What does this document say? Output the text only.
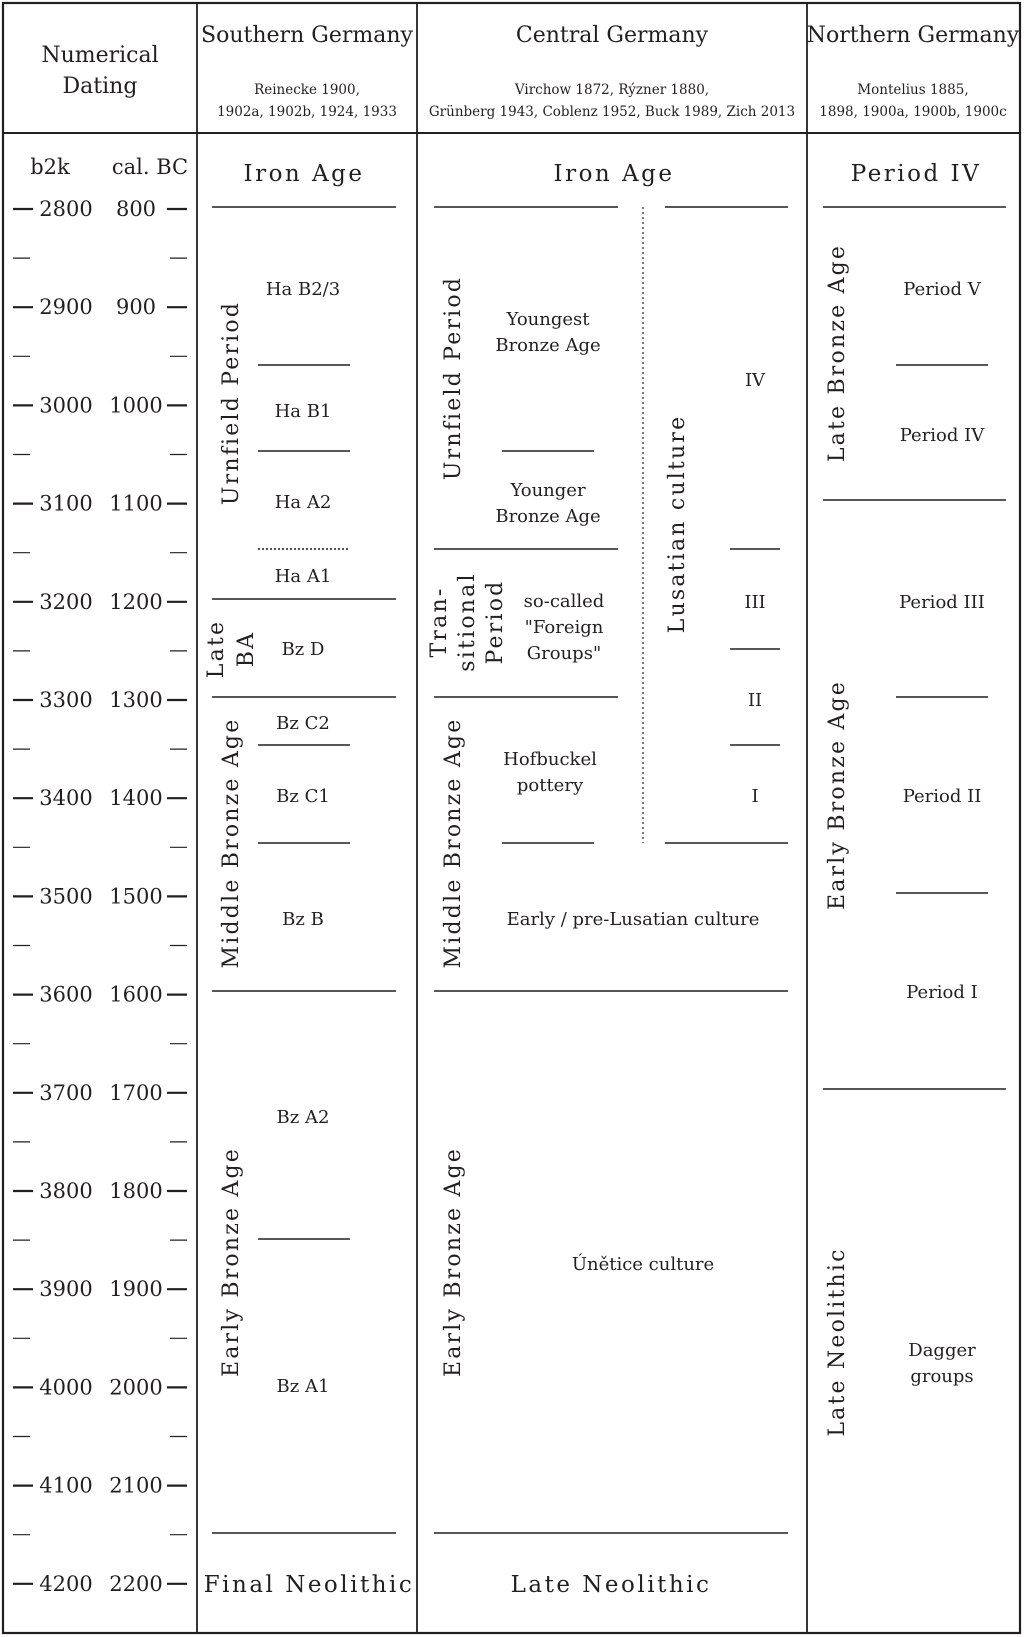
Numerical
Dating
Southern Germany
Reinecke 1900,
1902a, 1902b, 1924, 1933
Central Germany
Virchow 1872, Rýzner 1880,
Grünberg 1943, Coblenz 1952, Buck 1989, Zich 2013
Northern Germany
Montelius 1885,
1898, 1900a, 1900b, 1900c
b2k cal. BC
2800 800
2900 900
3000 1000
3100 1100
3200 1200
3300 1300
3400 1400
3500 1500
3600 1600
3700 1700
3800 1800
3900 1900
4000 2000
4100 2100
4200 2200
Iron Age
Final Neolithic
Urnfield Period
Late BA
Middle Bronze Age
Early Bronze Age
Ha B2/3
Ha B1
Ha A2
Ha A1
Bz D
Bz C2
Bz C1
Bz B
Bz A2
Bz A1
Iron Age
Late Neolithic
Urnfield Period
Tran- sitional Period
Middle Bronze Age
Early Bronze Age
Lusatian culture
Youngest
Bronze Age
Younger
Bronze Age
so-called
"Foreign
Groups"
Hofbuckel
pottery
Early / pre-Lusatian culture
Únětice culture
IV
III
II
I
Period IV
Late Bronze Age
Early Bronze Age
Late Neolithic
Period V
Period IV
Period III
Period II
Period I
Dagger
groups
